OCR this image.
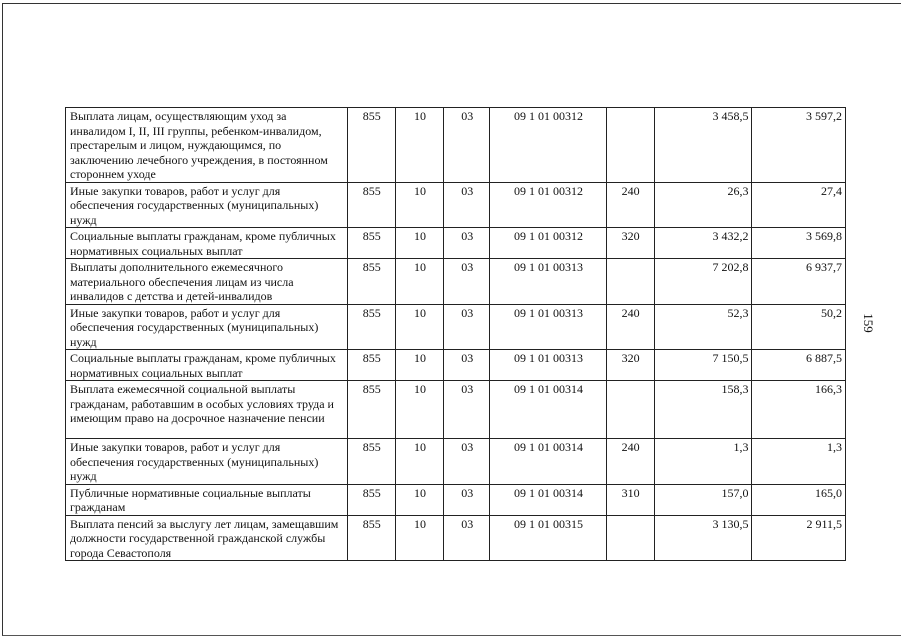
Выплата лицам, осуществляющим уход за инвалидом I, II, III группы, ребенком-инвалидом, престарелым и лицом, нуждающимся, по заключению лечебного учреждения, в постоянном стороннем уходе	855	10	03	09 1 01 00312		3 458,5	3 597,2
Иные закупки товаров, работ и услуг для обеспечения государственных (муниципальных) нужд	855	10	03	09 1 01 00312	240	26,3	27,4
Социальные выплаты гражданам, кроме публичных нормативных социальных выплат	855	10	03	09 1 01 00312	320	3 432,2	3 569,8
Выплаты дополнительного ежемесячного материального обеспечения лицам из числа инвалидов с детства и детей-инвалидов	855	10	03	09 1 01 00313		7 202,8	6 937,7
Иные закупки товаров, работ и услуг для обеспечения государственных (муниципальных) нужд	855	10	03	09 1 01 00313	240	52,3	50,2
Социальные выплаты гражданам, кроме публичных нормативных социальных выплат	855	10	03	09 1 01 00313	320	7 150,5	6 887,5
Выплата ежемесячной социальной выплаты гражданам, работавшим в особых условиях труда и имеющим право на досрочное назначение пенсии	855	10	03	09 1 01 00314		158,3	166,3
Иные закупки товаров, работ и услуг для обеспечения государственных (муниципальных) нужд	855	10	03	09 1 01 00314	240	1,3	1,3
Публичные нормативные социальные выплаты гражданам	855	10	03	09 1 01 00314	310	157,0	165,0
Выплата пенсий за выслугу лет лицам, замещавшим должности государственной гражданской службы города Севастополя	855	10	03	09 1 01 00315		3 130,5	2 911,5
159
